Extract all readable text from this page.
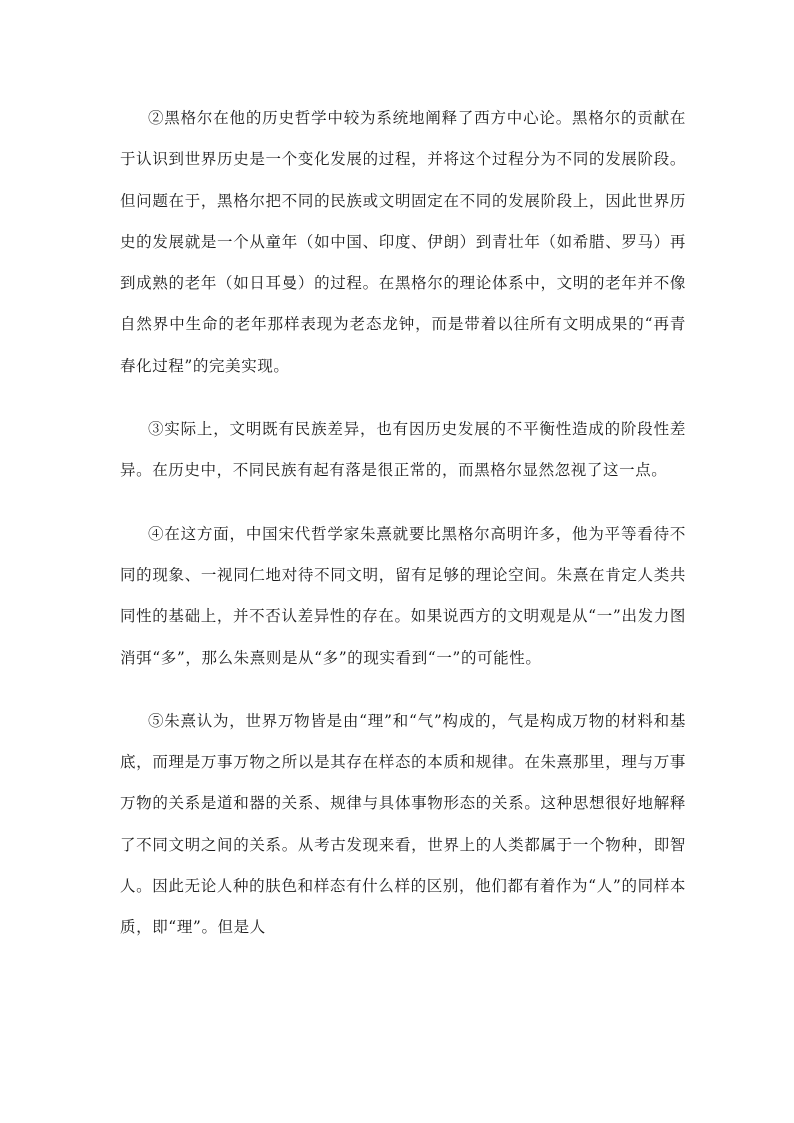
②黑格尔在他的历史哲学中较为系统地阐释了西方中心论。黑格尔的贡献在于认识到世界历史是一个变化发展的过程，并将这个过程分为不同的发展阶段。但问题在于，黑格尔把不同的民族或文明固定在不同的发展阶段上，因此世界历史的发展就是一个从童年（如中国、印度、伊朗）到青壮年（如希腊、罗马）再到成熟的老年（如日耳曼）的过程。在黑格尔的理论体系中，文明的老年并不像自然界中生命的老年那样表现为老态龙钟，而是带着以往所有文明成果的“再青春化过程”的完美实现。

③实际上，文明既有民族差异，也有因历史发展的不平衡性造成的阶段性差异。在历史中，不同民族有起有落是很正常的，而黑格尔显然忽视了这一点。

④在这方面，中国宋代哲学家朱熹就要比黑格尔高明许多，他为平等看待不同的现象、一视同仁地对待不同文明，留有足够的理论空间。朱熹在肯定人类共同性的基础上，并不否认差异性的存在。如果说西方的文明观是从“一”出发力图消弭“多”，那么朱熹则是从“多”的现实看到“一”的可能性。

⑤朱熹认为，世界万物皆是由“理”和“气”构成的，气是构成万物的材料和基底，而理是万事万物之所以是其存在样态的本质和规律。在朱熹那里，理与万事万物的关系是道和器的关系、规律与具体事物形态的关系。这种思想很好地解释了不同文明之间的关系。从考古发现来看，世界上的人类都属于一个物种，即智人。因此无论人种的肤色和样态有什么样的区别，他们都有着作为“人”的同样本质，即“理”。但是人
